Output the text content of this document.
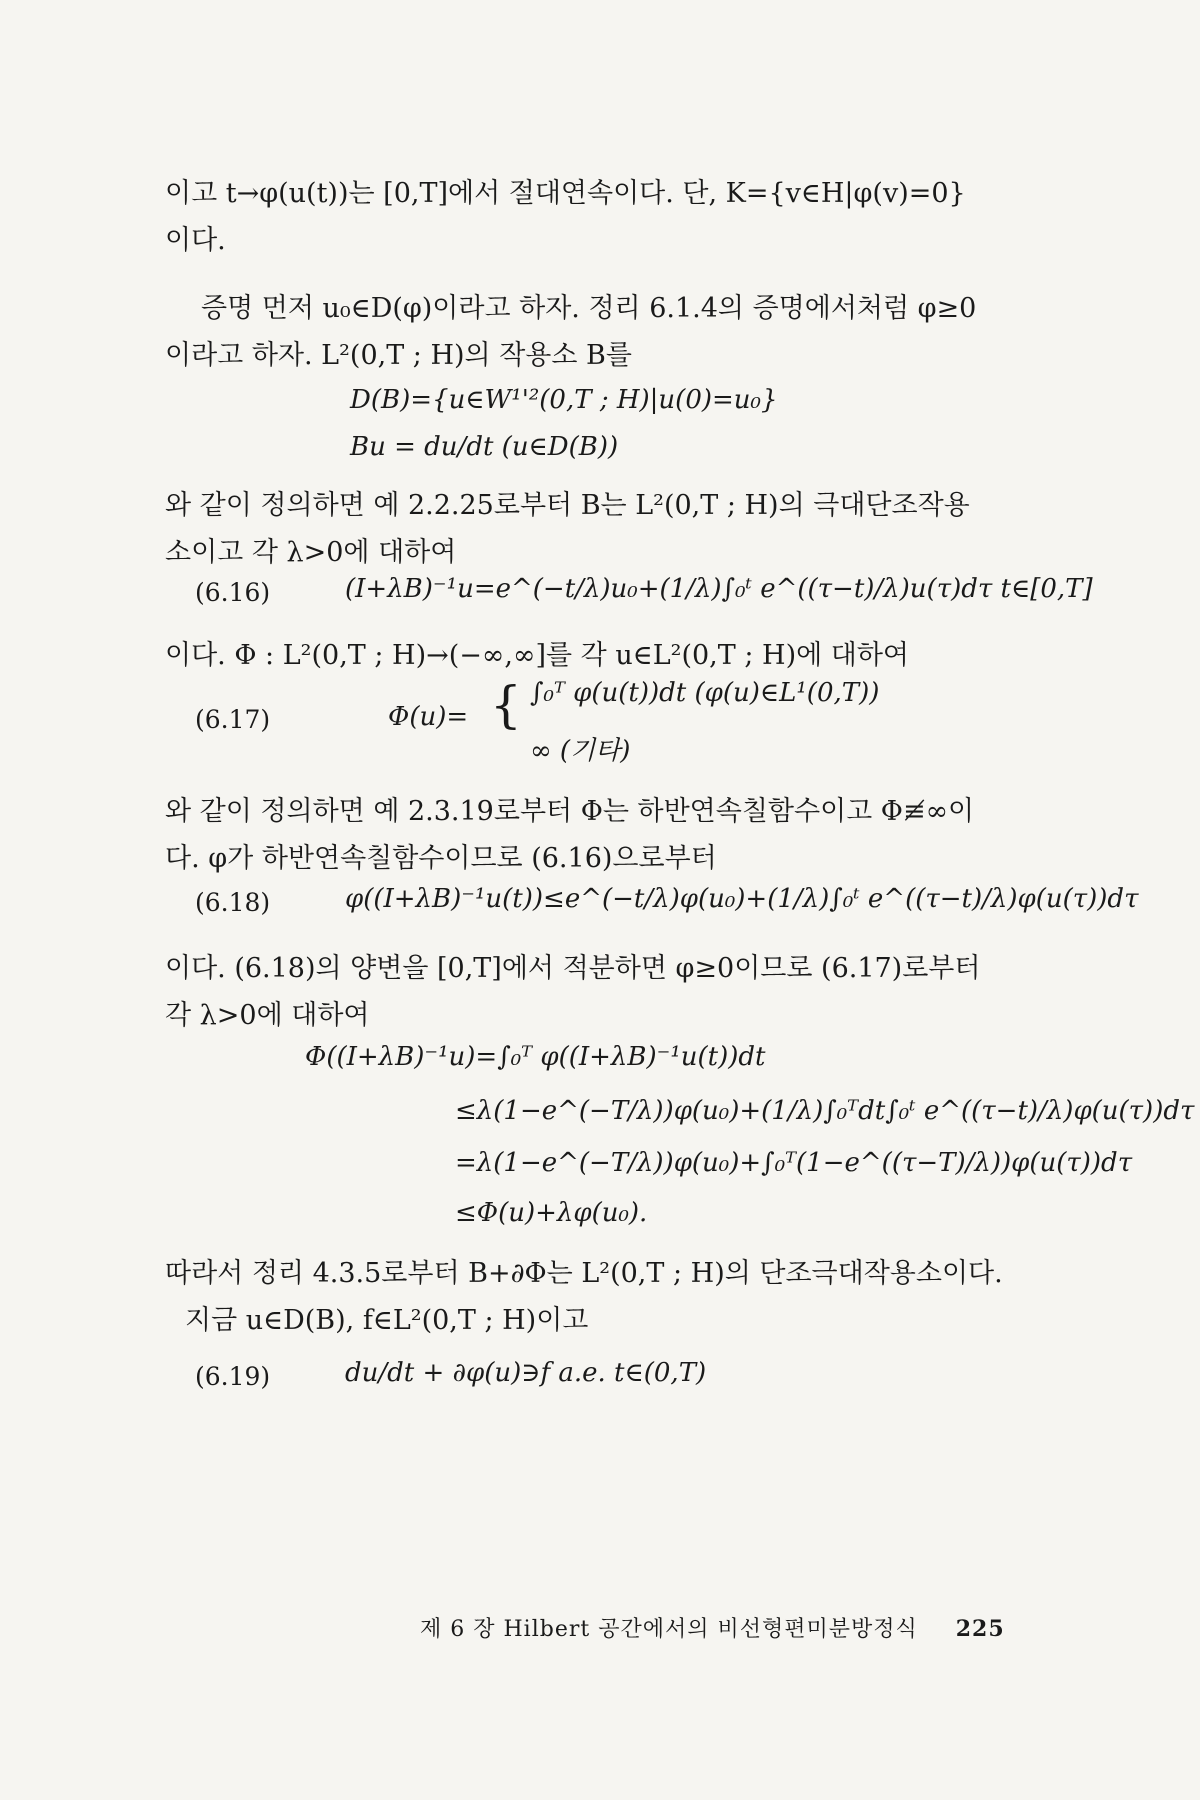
이고 t→φ(u(t))는 [0,T]에서 절대연속이다. 단, K={v∈H|φ(v)=0}
이다.
증명 먼저 u₀∈D(φ)이라고 하자. 정리 6.1.4의 증명에서처럼 φ≥0
이라고 하자. L²(0,T ; H)의 작용소 B를
D(B)={u∈W¹'²(0,T ; H)|u(0)=u₀}
Bu = du/dt (u∈D(B))
와 같이 정의하면 예 2.2.25로부터 B는 L²(0,T ; H)의 극대단조작용
소이고 각 λ>0에 대하여
(6.16)	(I+λB)⁻¹u=e^(−t/λ)u₀+(1/λ)∫₀ᵗ e^((τ−t)/λ)u(τ)dτ t∈[0,T]
이다. Φ : L²(0,T ; H)→(−∞,∞]를 각 u∈L²(0,T ; H)에 대하여
(6.17)	Φ(u)= { ∫₀ᵀ φ(u(t))dt (φ(u)∈L¹(0,T))
∞ (기타)
와 같이 정의하면 예 2.3.19로부터 Φ는 하반연속칠함수이고 Φ≢∞이
다. φ가 하반연속칠함수이므로 (6.16)으로부터
(6.18)	φ((I+λB)⁻¹u(t))≤e^(−t/λ)φ(u₀)+(1/λ)∫₀ᵗ e^((τ−t)/λ)φ(u(τ))dτ
이다. (6.18)의 양변을 [0,T]에서 적분하면 φ≥0이므로 (6.17)로부터
각 λ>0에 대하여
Φ((I+λB)⁻¹u)=∫₀ᵀ φ((I+λB)⁻¹u(t))dt
≤λ(1−e^(−T/λ))φ(u₀)+(1/λ)∫₀ᵀdt∫₀ᵗ e^((τ−t)/λ)φ(u(τ))dτ
=λ(1−e^(−T/λ))φ(u₀)+∫₀ᵀ(1−e^((τ−T)/λ))φ(u(τ))dτ
≤Φ(u)+λφ(u₀).
따라서 정리 4.3.5로부터 B+∂Φ는 L²(0,T ; H)의 단조극대작용소이다.
지금 u∈D(B), f∈L²(0,T ; H)이고
(6.19)	du/dt + ∂φ(u)∋f a.e. t∈(0,T)
제 6 장 Hilbert 공간에서의 비선형편미분방정식 225
